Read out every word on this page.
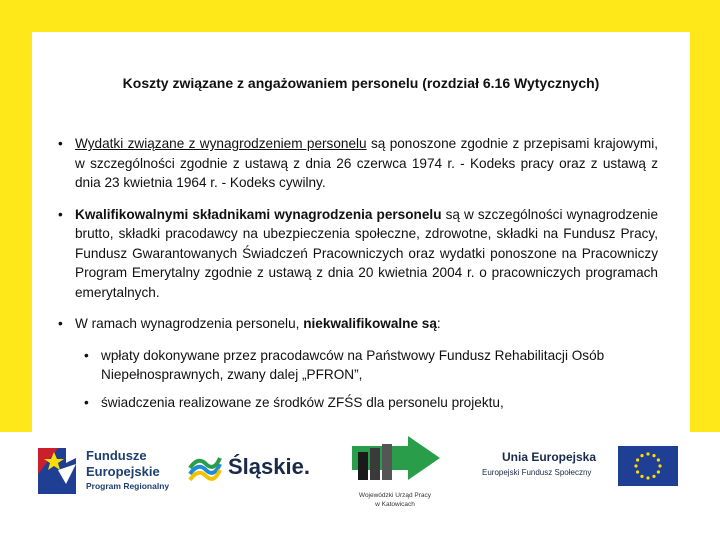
Koszty związane z angażowaniem personelu (rozdział 6.16 Wytycznych)
• Wydatki związane z wynagrodzeniem personelu są ponoszone zgodnie z przepisami krajowymi, w szczególności zgodnie z ustawą z dnia 26 czerwca 1974 r. - Kodeks pracy oraz z ustawą z dnia 23 kwietnia 1964 r. - Kodeks cywilny.
• Kwalifikowalnymi składnikami wynagrodzenia personelu są w szczególności wynagrodzenie brutto, składki pracodawcy na ubezpieczenia społeczne, zdrowotne, składki na Fundusz Pracy, Fundusz Gwarantowanych Świadczeń Pracowniczych oraz wydatki ponoszone na Pracowniczy Program Emerytalny zgodnie z ustawą z dnia 20 kwietnia 2004 r. o pracowniczych programach emerytalnych.
• W ramach wynagrodzenia personelu, niekwalifikowalne są:
• wpłaty dokonywane przez pracodawców na Państwowy Fundusz Rehabilitacji Osób Niepełnosprawnych, zwany dalej „PFRON”,
• świadczenia realizowane ze środków ZFŚS dla personelu projektu,
Fundusze
Europejskie
Program Regionalny
Śląskie.
Wojewódzki Urząd Pracy
w Katowicach
Unia Europejska
Europejski Fundusz Społeczny
